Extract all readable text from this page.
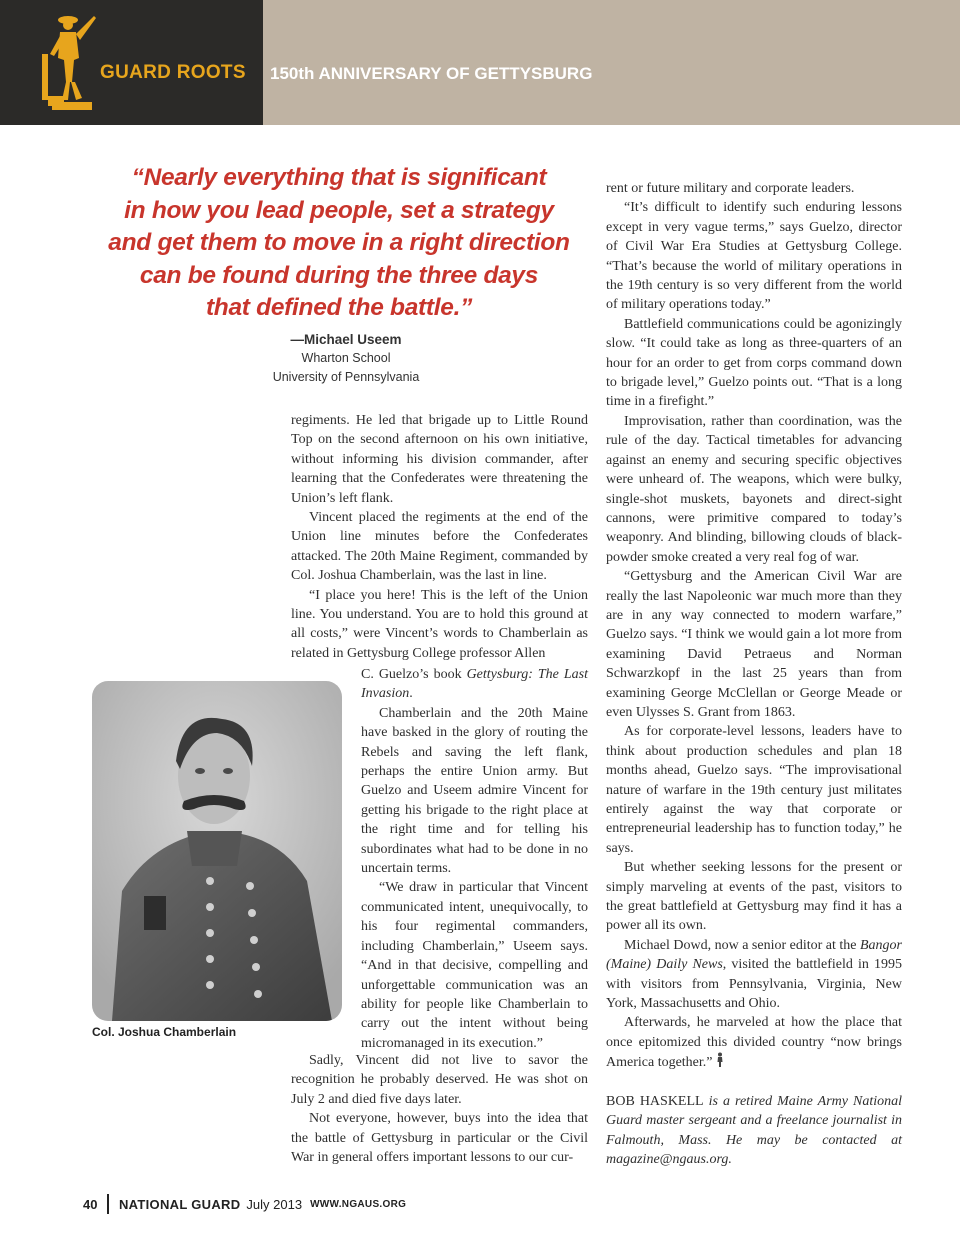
GUARD ROOTS 150th ANNIVERSARY OF GETTYSBURG
“Nearly everything that is significant
in how you lead people, set a strategy
and get them to move in a right direction
can be found during the three days
that defined the battle.”
—Michael Useem
Wharton School
University of Pennsylvania
Col. Joshua Chamberlain

regiments. He led that brigade up to Little Round Top on the second afternoon on his own initiative, without informing his division commander, after learning that the Confederates were threatening the Union’s left flank.

Vincent placed the regiments at the end of the Union line minutes before the Confederates attacked. The 20th Maine Regiment, commanded by Col. Joshua Chamberlain, was the last in line.

“I place you here! This is the left of the Union line. You understand. You are to hold this ground at all costs,” were Vincent’s words to Chamberlain as related in Gettysburg College professor Allen

C. Guelzo’s book Gettysburg: The Last Invasion.

Chamberlain and the 20th Maine have basked in the glory of routing the Rebels and saving the left flank, perhaps the entire Union army. But Guelzo and Useem admire Vincent for getting his brigade to the right place at the right time and for telling his subordinates what had to be done in no uncertain terms.

“We draw in particular that Vincent communicated intent, unequivocally, to his four regimental commanders, including Chamberlain,” Useem says. “And in that decisive, compelling and unforgettable communication was an ability for people like Chamberlain to carry out the intent without being micromanaged in its execution.”

Sadly, Vincent did not live to savor the recognition he probably deserved. He was shot on July 2 and died five days later.

Not everyone, however, buys into the idea that the battle of Gettysburg in particular or the Civil War in general offers important lessons to our cur-

rent or future military and corporate leaders.

“It’s difficult to identify such enduring lessons except in very vague terms,” says Guelzo, director of Civil War Era Studies at Gettysburg College. “That’s because the world of military operations in the 19th century is so very different from the world of military operations today.”

Battlefield communications could be agonizingly slow. “It could take as long as three-quarters of an hour for an order to get from corps command down to brigade level,” Guelzo points out. “That is a long time in a firefight.”

Improvisation, rather than coordination, was the rule of the day. Tactical timetables for advancing against an enemy and securing specific objectives were unheard of. The weapons, which were bulky, single-shot muskets, bayonets and direct-sight cannons, were primitive compared to today’s weaponry. And blinding, billowing clouds of black-powder smoke created a very real fog of war.

“Gettysburg and the American Civil War are really the last Napoleonic war much more than they are in any way connected to modern warfare,” Guelzo says. “I think we would gain a lot more from examining David Petraeus and Norman Schwarzkopf in the last 25 years than from examining George McClellan or George Meade or even Ulysses S. Grant from 1863.

As for corporate-level lessons, leaders have to think about production schedules and plan 18 months ahead, Guelzo says. “The improvisational nature of warfare in the 19th century just militates entirely against the way that corporate or entrepreneurial leadership has to function today,” he says.

But whether seeking lessons for the present or simply marveling at events of the past, visitors to the great battlefield at Gettysburg may find it has a power all its own.

Michael Dowd, now a senior editor at the Bangor (Maine) Daily News, visited the battlefield in 1995 with visitors from Pennsylvania, Virginia, New York, Massachusetts and Ohio.

Afterwards, he marveled at how the place that once epitomized this divided country “now brings America together.”

BOB HASKELL is a retired Maine Army National Guard master sergeant and a freelance journalist in Falmouth, Mass. He may be contacted at magazine@ngaus.org.

40 NATIONAL GUARD July 2013 WWW.NGAUS.ORG
